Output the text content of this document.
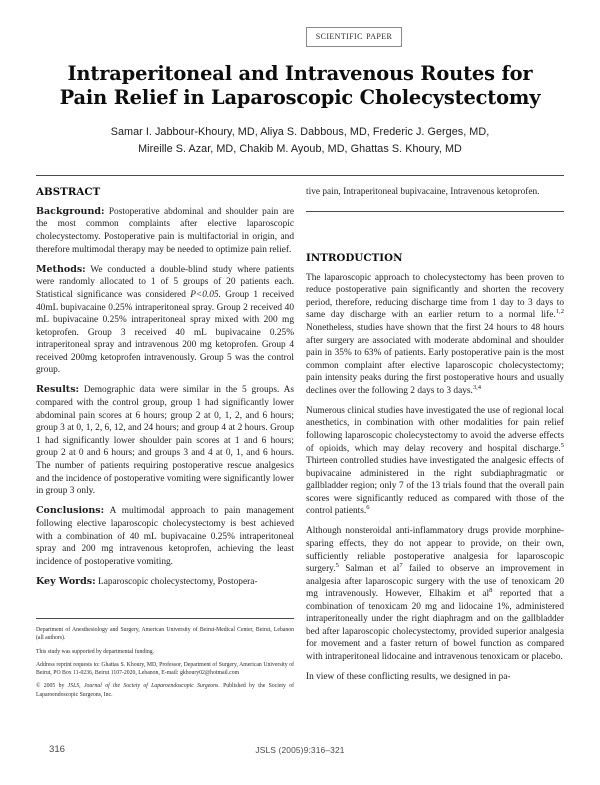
scientific paper
Intraperitoneal and Intravenous Routes for Pain Relief in Laparoscopic Cholecystectomy
Samar I. Jabbour-Khoury, MD, Aliya S. Dabbous, MD, Frederic J. Gerges, MD,
Mireille S. Azar, MD, Chakib M. Ayoub, MD, Ghattas S. Khoury, MD
ABSTRACT

Background: Postoperative abdominal and shoulder pain are the most common complaints after elective laparoscopic cholecystectomy. Postoperative pain is multifactorial in origin, and therefore multimodal therapy may be needed to optimize pain relief.

Methods: We conducted a double-blind study where patients were randomly allocated to 1 of 5 groups of 20 patients each. Statistical significance was considered P<0.05. Group 1 received 40mL bupivacaine 0.25% intraperitoneal spray. Group 2 received 40 mL bupivacaine 0.25% intraperitoneal spray mixed with 200 mg ketoprofen. Group 3 received 40 mL bupivacaine 0.25% intraperitoneal spray and intravenous 200 mg ketoprofen. Group 4 received 200mg ketoprofen intravenously. Group 5 was the control group.

Results: Demographic data were similar in the 5 groups. As compared with the control group, group 1 had significantly lower abdominal pain scores at 6 hours; group 2 at 0, 1, 2, and 6 hours; group 3 at 0, 1, 2, 6, 12, and 24 hours; and group 4 at 2 hours. Group 1 had significantly lower shoulder pain scores at 1 and 6 hours; group 2 at 0 and 6 hours; and groups 3 and 4 at 0, 1, and 6 hours. The number of patients requiring postoperative rescue analgesics and the incidence of postoperative vomiting were significantly lower in group 3 only.

Conclusions: A multimodal approach to pain management following elective laparoscopic cholecystectomy is best achieved with a combination of 40 mL bupivacaine 0.25% intraperitoneal spray and 200 mg intravenous ketoprofen, achieving the least incidence of postoperative vomiting.

Key Words: Laparoscopic cholecystectomy, Postopera-

tive pain, Intraperitoneal bupivacaine, Intravenous ketoprofen.
INTRODUCTION

The laparoscopic approach to cholecystectomy has been proven to reduce postoperative pain significantly and shorten the recovery period, therefore, reducing discharge time from 1 day to 3 days to same day discharge with an earlier return to a normal life.$^{1,2}$ Nonetheless, studies have shown that the first 24 hours to 48 hours after surgery are associated with moderate abdominal and shoulder pain in 35% to 63% of patients. Early postoperative pain is the most common complaint after elective laparoscopic cholecystectomy; pain intensity peaks during the first postoperative hours and usually declines over the following 2 days to 3 days.$^{3,4}$

Numerous clinical studies have investigated the use of regional local anesthetics, in combination with other modalities for pain relief following laparoscopic cholecystectomy to avoid the adverse effects of opioids, which may delay recovery and hospital discharge.$^5$ Thirteen controlled studies have investigated the analgesic effects of bupivacaine administered in the right subdiaphragmatic or gallbladder region; only 7 of the 13 trials found that the overall pain scores were significantly reduced as compared with those of the control patients.$^6$

Although nonsteroidal anti-inflammatory drugs provide morphine-sparing effects, they do not appear to provide, on their own, sufficiently reliable postoperative analgesia for laparoscopic surgery.$^5$ Salman et $al^7$ failed to observe an improvement in analgesia after laparoscopic surgery with the use of tenoxicam 20 mg intravenously. However, Elhakim et $al^8$ reported that a combination of tenoxicam 20 mg and lidocaine 1%, administered intraperitoneally under the right diaphragm and on the gallbladder bed after laparoscopic cholecystectomy, provided superior analgesia for movement and a faster return of bowel function as compared with intraperitoneal lidocaine and intravenous tenoxicam or placebo.

In view of these conflicting results, we designed in pa-

Department of Anesthesiology and Surgery, American University of Beirut-Medical Center, Beirut, Lebanon (all authors).

This study was supported by departmental funding.

Address reprint requests to: Ghattas S. Khoury, MD, Professor, Department of Surgery, American University of Beirut, PO Box 11-0236, Beirut 1107-2020, Lebanon, E-mail: gkhoury02@hotmail.com

© 2005 by JSLS, Journal of the Society of Laparoendoscopic Surgeons. Published by the Society of Laparoendoscopic Surgeons, Inc.

316	JSLS (2005)9:316–321
